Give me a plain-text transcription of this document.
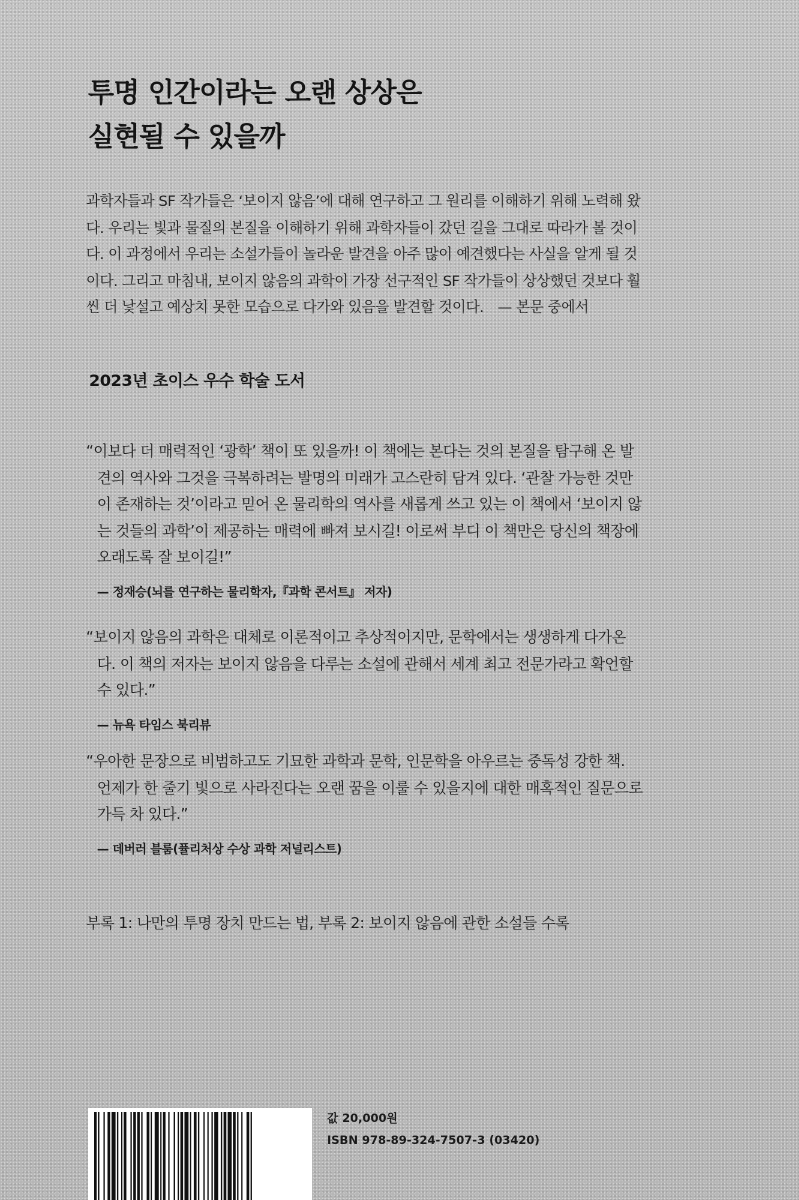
투명 인간이라는 오랜 상상은
실현될 수 있을까

과학자들과 SF 작가들은 ‘보이지 않음’에 대해 연구하고 그 원리를 이해하기 위해 노력해 왔
다. 우리는 빛과 물질의 본질을 이해하기 위해 과학자들이 갔던 길을 그대로 따라가 볼 것이
다. 이 과정에서 우리는 소설가들이 놀라운 발견을 아주 많이 예견했다는 사실을 알게 될 것
이다. 그리고 마침내, 보이지 않음의 과학이 가장 선구적인 SF 작가들이 상상했던 것보다 훨
씬 더 낯설고 예상치 못한 모습으로 다가와 있음을 발견할 것이다. — 본문 중에서

2023년 초이스 우수 학술 도서
“이보다 더 매력적인 ‘광학’ 책이 또 있을까! 이 책에는 본다는 것의 본질을 탐구해 온 발
견의 역사와 그것을 극복하려는 발명의 미래가 고스란히 담겨 있다. ‘관찰 가능한 것만
이 존재하는 것’이라고 믿어 온 물리학의 역사를 새롭게 쓰고 있는 이 책에서 ‘보이지 않
는 것들의 과학’이 제공하는 매력에 빠져 보시길! 이로써 부디 이 책만은 당신의 책장에
오래도록 잘 보이길!”
— 정재승(뇌를 연구하는 물리학자,『과학 콘서트』 저자)
“보이지 않음의 과학은 대체로 이론적이고 추상적이지만, 문학에서는 생생하게 다가온
다. 이 책의 저자는 보이지 않음을 다루는 소설에 관해서 세계 최고 전문가라고 확언할
수 있다.”
— 뉴욕 타임스 북리뷰
“우아한 문장으로 비범하고도 기묘한 과학과 문학, 인문학을 아우르는 중독성 강한 책.
언제가 한 줄기 빛으로 사라진다는 오랜 꿈을 이룰 수 있을지에 대한 매혹적인 질문으로
가득 차 있다.”
— 데버러 블룸(퓰리처상 수상 과학 저널리스트)
부록 1: 나만의 투명 장치 만드는 법, 부록 2: 보이지 않음에 관한 소설들 수록
값 20,000원
ISBN 978-89-324-7507-3 (03420)
